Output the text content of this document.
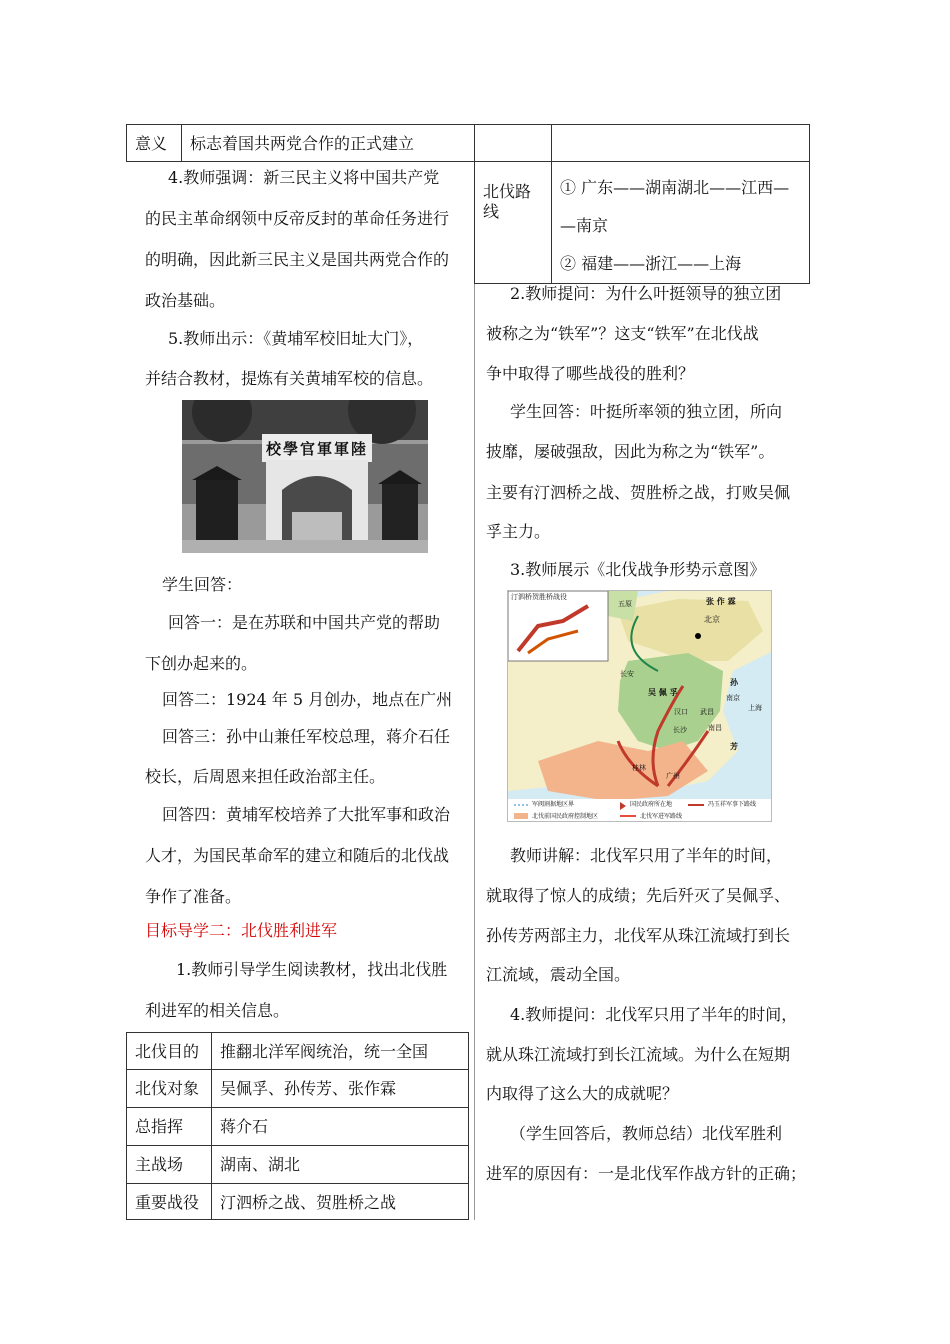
意义	标志着国共两党合作的正式建立

北伐路线	① 广东——湖南湖北——江西—
—南京
② 福建——浙江——上海
4.教师强调：新三民主义将中国共产党
的民主革命纲领中反帝反封的革命任务进行
的明确，因此新三民主义是国共两党合作的
政治基础。
5.教师出示：《黄埔军校旧址大门》，
并结合教材，提炼有关黄埔军校的信息。
陸軍軍官學校
学生回答：
回答一：是在苏联和中国共产党的帮助
下创办起来的。
回答二：1924 年 5 月创办，地点在广州
回答三：孙中山兼任军校总理，蒋介石任
校长，后周恩来担任政治部主任。
回答四：黄埔军校培养了大批军事和政治
人才，为国民革命军的建立和随后的北伐战
争作了准备。
目标导学二：北伐胜利进军
1.教师引导学生阅读教材，找出北伐胜
利进军的相关信息。
北伐目的	推翻北洋军阀统治，统一全国
北伐对象	吴佩孚、孙传芳、张作霖
总指挥	蒋介石
主战场	湖南、湖北
重要战役	汀泗桥之战、贺胜桥之战
2.教师提问：为什么叶挺领导的独立团
被称之为“铁军”？这支“铁军”在北伐战
争中取得了哪些战役的胜利？
学生回答：叶挺所率领的独立团，所向
披靡，屡破强敌，因此为称之为“铁军”。
主要有汀泗桥之战、贺胜桥之战，打败吴佩
孚主力。
3.教师展示《北伐战争形势示意图》
汀泗桥贺胜桥战役	张 作 霖
北京
五原
长安
吴 佩 孚
孙
南京
上海
汉口 武昌
长沙	南昌
芳
桂林
广州
军阀割据地区界	国民政府所在地	冯玉祥军事下路线
北伐前国民政府控制地区	北伐军进军路线
教师讲解：北伐军只用了半年的时间，
就取得了惊人的成绩；先后歼灭了吴佩孚、
孙传芳两部主力，北伐军从珠江流域打到长
江流域，震动全国。
4.教师提问：北伐军只用了半年的时间，
就从珠江流域打到长江流域。为什么在短期
内取得了这么大的成就呢？
（学生回答后，教师总结）北伐军胜利
进军的原因有：一是北伐军作战方针的正确；
